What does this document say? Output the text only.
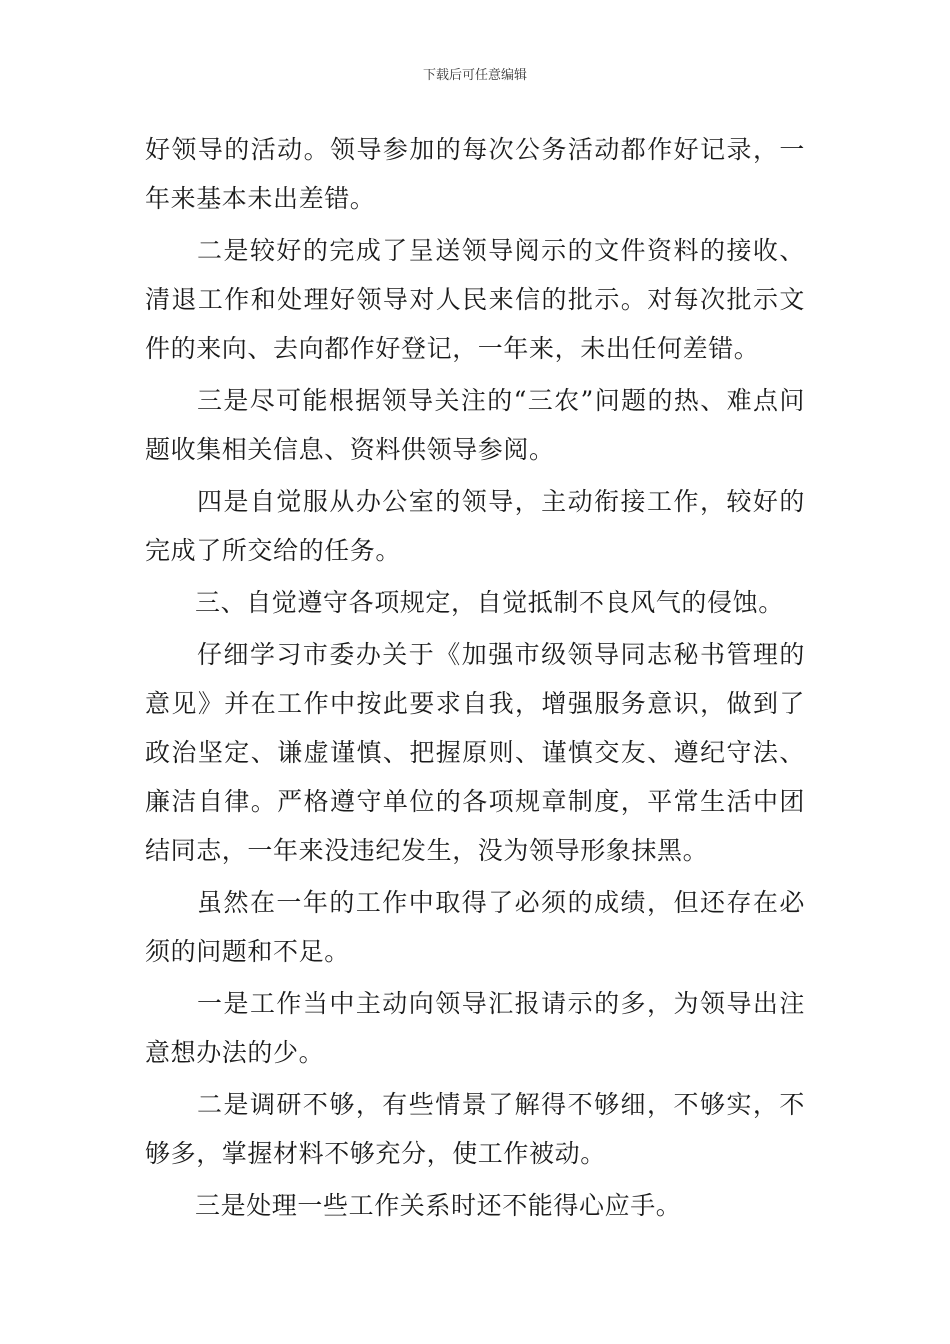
下载后可任意编辑

好领导的活动。领导参加的每次公务活动都作好记录，一年来基本未出差错。

二是较好的完成了呈送领导阅示的文件资料的接收、清退工作和处理好领导对人民来信的批示。对每次批示文件的来向、去向都作好登记，一年来，未出任何差错。

三是尽可能根据领导关注的“三农”问题的热、难点问题收集相关信息、资料供领导参阅。

四是自觉服从办公室的领导，主动衔接工作，较好的完成了所交给的任务。

三、自觉遵守各项规定，自觉抵制不良风气的侵蚀。

仔细学习市委办关于《加强市级领导同志秘书管理的意见》并在工作中按此要求自我，增强服务意识，做到了政治坚定、谦虚谨慎、把握原则、谨慎交友、遵纪守法、廉洁自律。严格遵守单位的各项规章制度，平常生活中团结同志，一年来没违纪发生，没为领导形象抹黑。

虽然在一年的工作中取得了必须的成绩，但还存在必须的问题和不足。

一是工作当中主动向领导汇报请示的多，为领导出注意想办法的少。

二是调研不够，有些情景了解得不够细，不够实，不够多，掌握材料不够充分，使工作被动。

三是处理一些工作关系时还不能得心应手。
